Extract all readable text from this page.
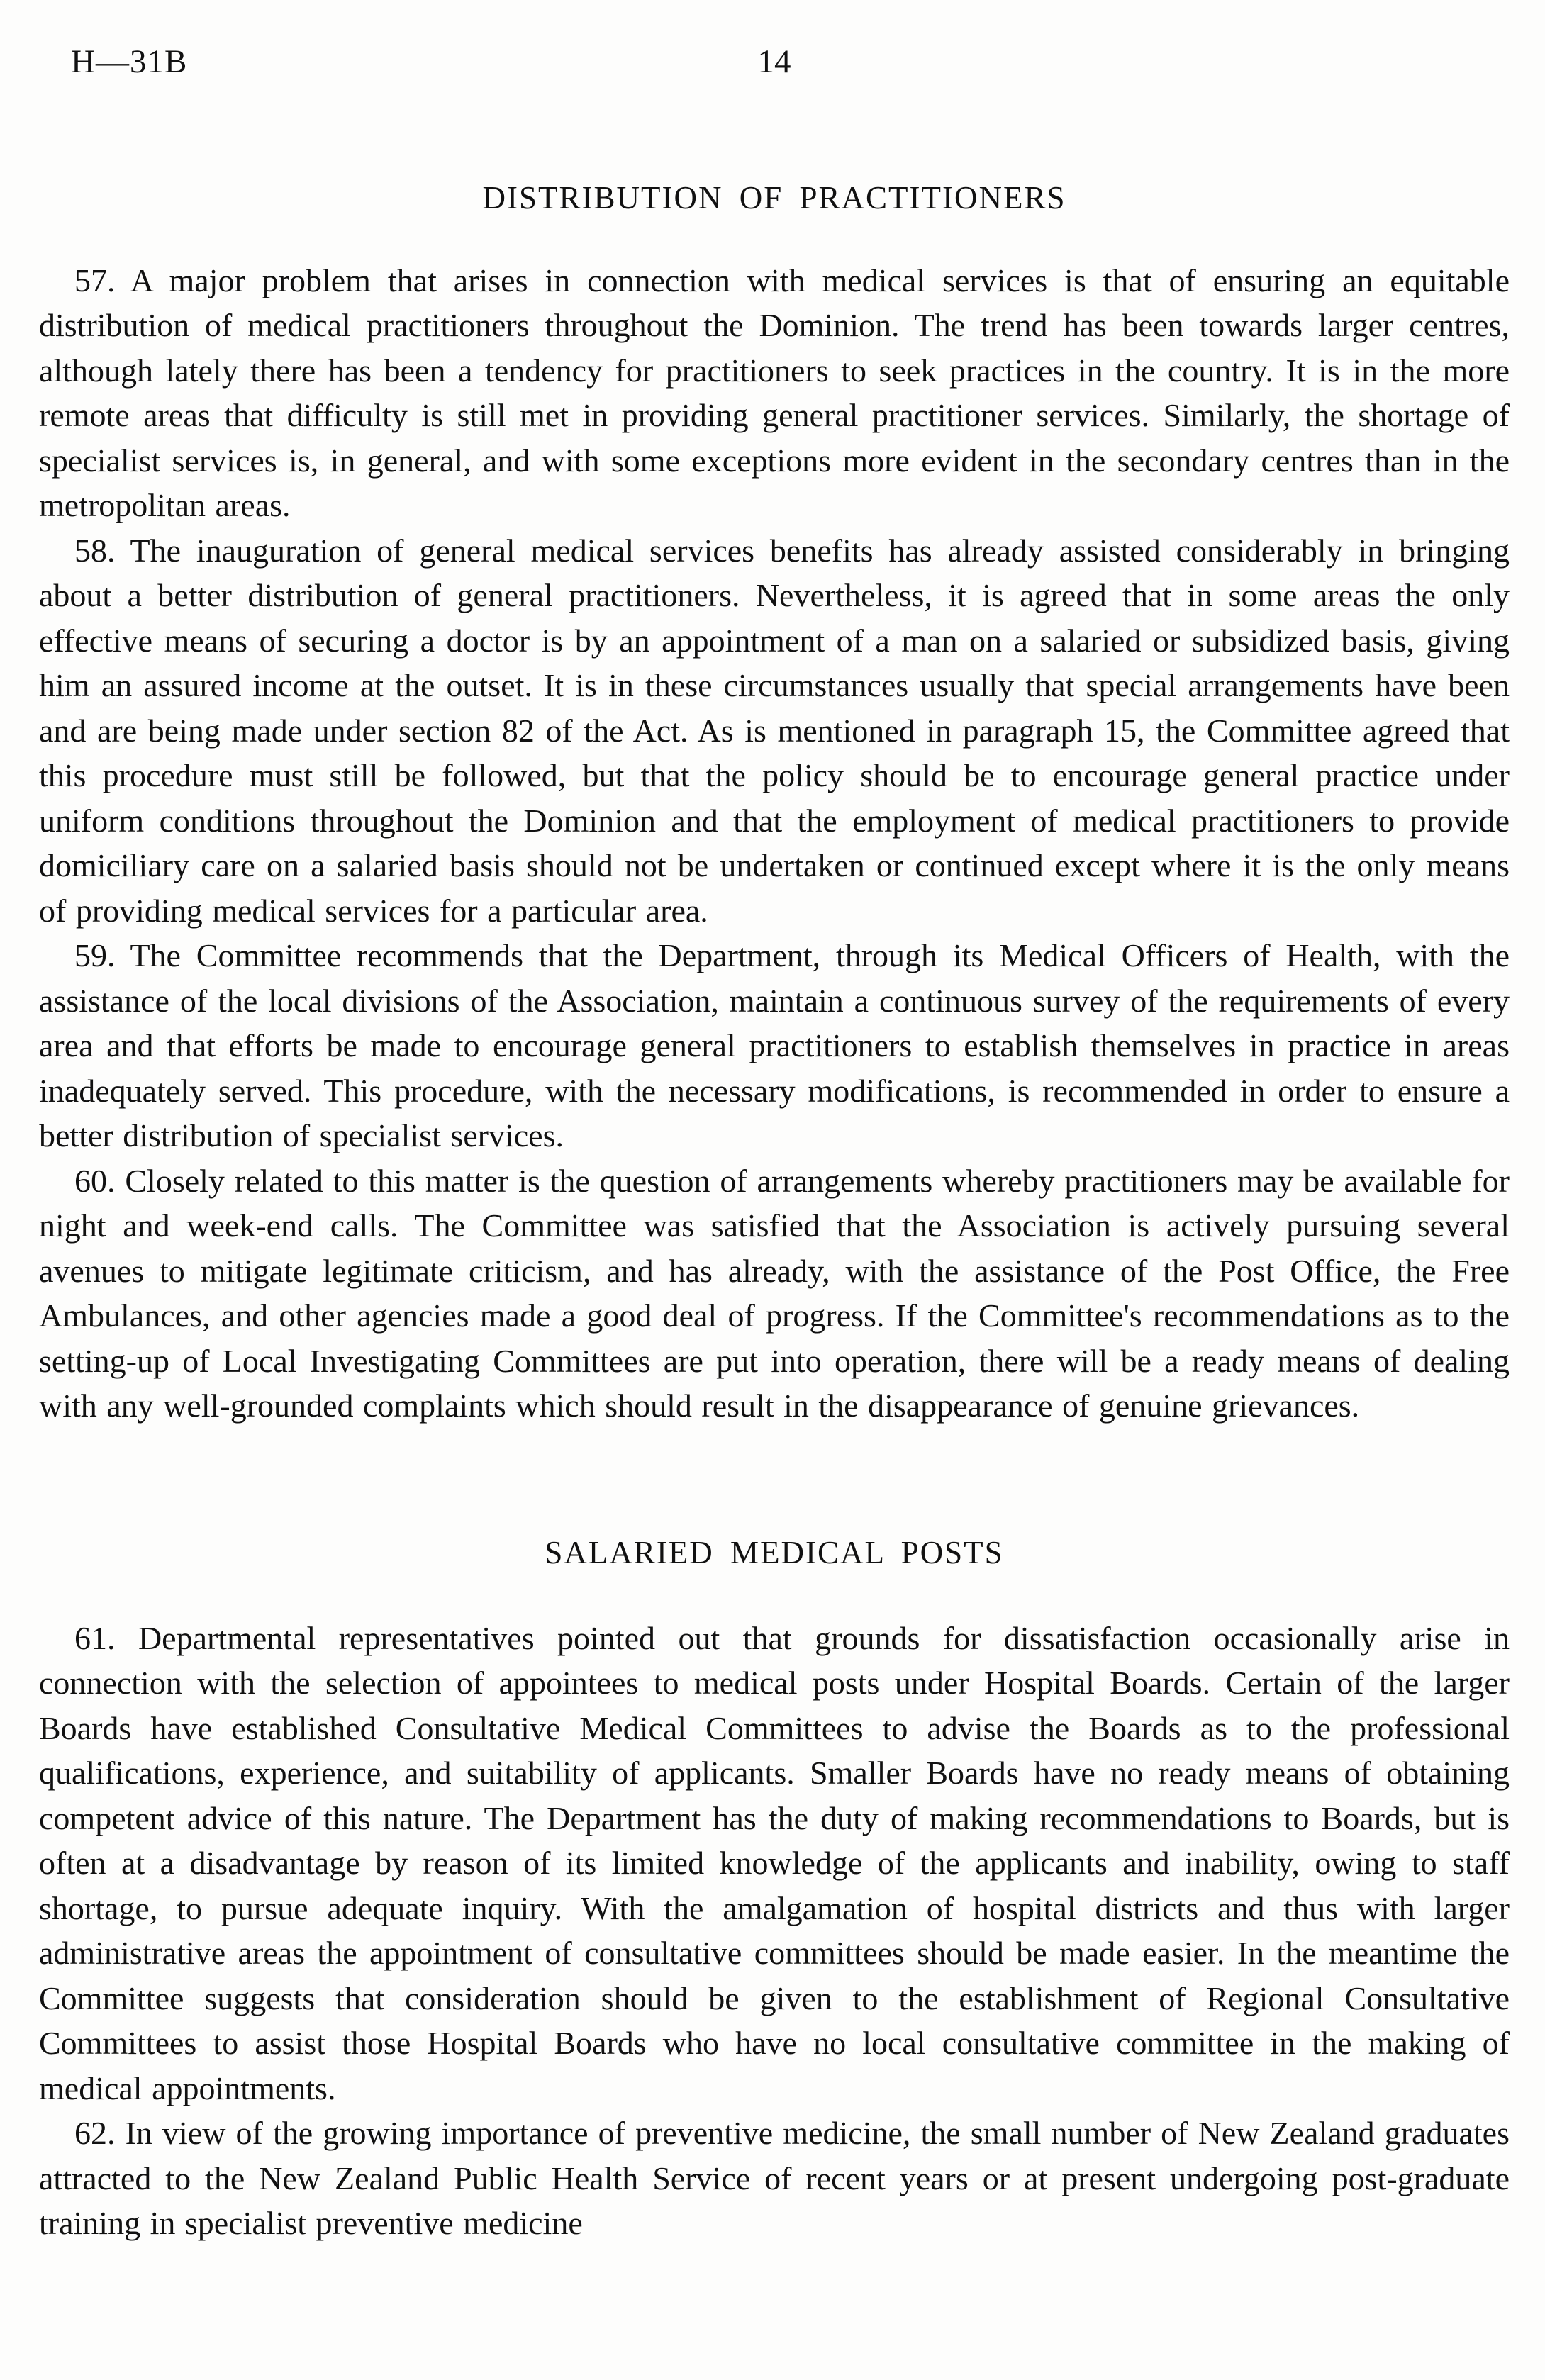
H—31B	14
DISTRIBUTION OF PRACTITIONERS

57. A major problem that arises in connection with medical services is that of ensuring an equitable distribution of medical practitioners throughout the Dominion. The trend has been towards larger centres, although lately there has been a tendency for practitioners to seek practices in the country. It is in the more remote areas that difficulty is still met in providing general practitioner services. Similarly, the shortage of specialist services is, in general, and with some exceptions more evident in the secondary centres than in the metropolitan areas.

58. The inauguration of general medical services benefits has already assisted considerably in bringing about a better distribution of general practitioners. Nevertheless, it is agreed that in some areas the only effective means of securing a doctor is by an appointment of a man on a salaried or subsidized basis, giving him an assured income at the outset. It is in these circumstances usually that special arrangements have been and are being made under section 82 of the Act. As is mentioned in paragraph 15, the Committee agreed that this procedure must still be followed, but that the policy should be to encourage general practice under uniform conditions throughout the Dominion and that the employment of medical practitioners to provide domiciliary care on a salaried basis should not be undertaken or continued except where it is the only means of providing medical services for a particular area.

59. The Committee recommends that the Department, through its Medical Officers of Health, with the assistance of the local divisions of the Association, maintain a continuous survey of the requirements of every area and that efforts be made to encourage general practitioners to establish themselves in practice in areas inadequately served. This procedure, with the necessary modifications, is recommended in order to ensure a better distribution of specialist services.

60. Closely related to this matter is the question of arrangements whereby practitioners may be available for night and week-end calls. The Committee was satisfied that the Association is actively pursuing several avenues to mitigate legitimate criticism, and has already, with the assistance of the Post Office, the Free Ambulances, and other agencies made a good deal of progress. If the Committee's recommendations as to the setting-up of Local Investigating Committees are put into operation, there will be a ready means of dealing with any well-grounded complaints which should result in the disappearance of genuine grievances.

SALARIED MEDICAL POSTS

61. Departmental representatives pointed out that grounds for dissatisfaction occasionally arise in connection with the selection of appointees to medical posts under Hospital Boards. Certain of the larger Boards have established Consultative Medical Committees to advise the Boards as to the professional qualifications, experience, and suitability of applicants. Smaller Boards have no ready means of obtaining competent advice of this nature. The Department has the duty of making recommendations to Boards, but is often at a disadvantage by reason of its limited knowledge of the applicants and inability, owing to staff shortage, to pursue adequate inquiry. With the amalgamation of hospital districts and thus with larger administrative areas the appointment of consultative committees should be made easier. In the meantime the Committee suggests that consideration should be given to the establishment of Regional Consultative Committees to assist those Hospital Boards who have no local consultative committee in the making of medical appointments.

62. In view of the growing importance of preventive medicine, the small number of New Zealand graduates attracted to the New Zealand Public Health Service of recent years or at present undergoing post-graduate training in specialist preventive medicine
